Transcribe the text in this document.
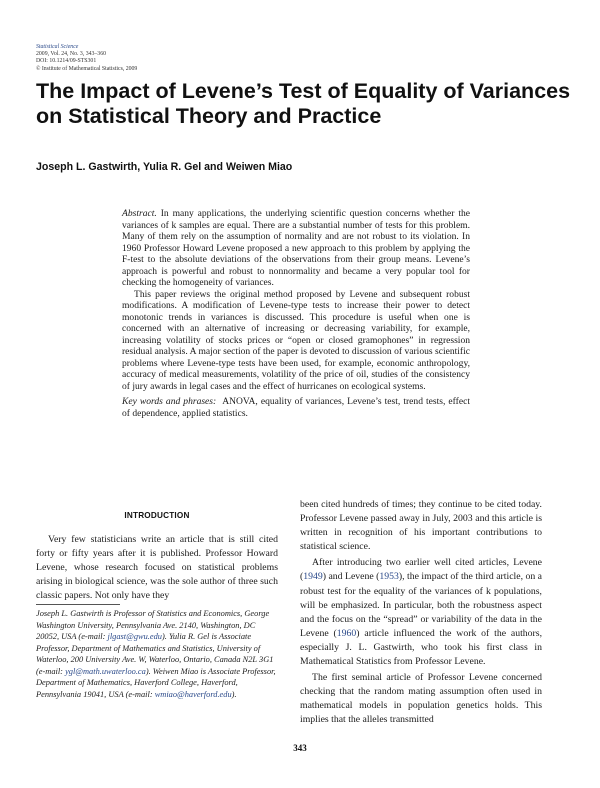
Statistical Science
2009, Vol. 24, No. 3, 343–360
DOI: 10.1214/09-STS301
© Institute of Mathematical Statistics, 2009
The Impact of Levene’s Test of Equality of Variances on Statistical Theory and Practice
Joseph L. Gastwirth, Yulia R. Gel and Weiwen Miao

Abstract. In many applications, the underlying scientific question concerns whether the variances of k samples are equal. There are a substantial number of tests for this problem. Many of them rely on the assumption of normality and are not robust to its violation. In 1960 Professor Howard Levene proposed a new approach to this problem by applying the F-test to the absolute deviations of the observations from their group means. Levene’s approach is powerful and robust to nonnormality and became a very popular tool for checking the homogeneity of variances.

This paper reviews the original method proposed by Levene and subsequent robust modifications. A modification of Levene-type tests to increase their power to detect monotonic trends in variances is discussed. This procedure is useful when one is concerned with an alternative of increasing or decreasing variability, for example, increasing volatility of stocks prices or “open or closed gramophones” in regression residual analysis. A major section of the paper is devoted to discussion of various scientific problems where Levene-type tests have been used, for example, economic anthropology, accuracy of medical measurements, volatility of the price of oil, studies of the consistency of jury awards in legal cases and the effect of hurricanes on ecological systems.

Key words and phrases: ANOVA, equality of variances, Levene’s test, trend tests, effect of dependence, applied statistics.

INTRODUCTION

Very few statisticians write an article that is still cited forty or fifty years after it is published. Professor Howard Levene, whose research focused on statistical problems arising in biological science, was the sole author of three such classic papers. Not only have they

Joseph L. Gastwirth is Professor of Statistics and Economics, George Washington University, Pennsylvania Ave. 2140, Washington, DC 20052, USA (e-mail: jlgast@gwu.edu). Yulia R. Gel is Associate Professor, Department of Mathematics and Statistics, University of Waterloo, 200 University Ave. W, Waterloo, Ontario, Canada N2L 3G1 (e-mail: ygl@math.uwaterloo.ca). Weiwen Miao is Associate Professor, Department of Mathematics, Haverford College, Haverford, Pennsylvania 19041, USA (e-mail: wmiao@haverford.edu).

been cited hundreds of times; they continue to be cited today. Professor Levene passed away in July, 2003 and this article is written in recognition of his important contributions to statistical science.

After introducing two earlier well cited articles, Levene (1949) and Levene (1953), the impact of the third article, on a robust test for the equality of the variances of k populations, will be emphasized. In particular, both the robustness aspect and the focus on the “spread” or variability of the data in the Levene (1960) article influenced the work of the authors, especially J. L. Gastwirth, who took his first class in Mathematical Statistics from Professor Levene.

The first seminal article of Professor Levene concerned checking that the random mating assumption often used in mathematical models in population genetics holds. This implies that the alleles transmitted

343
